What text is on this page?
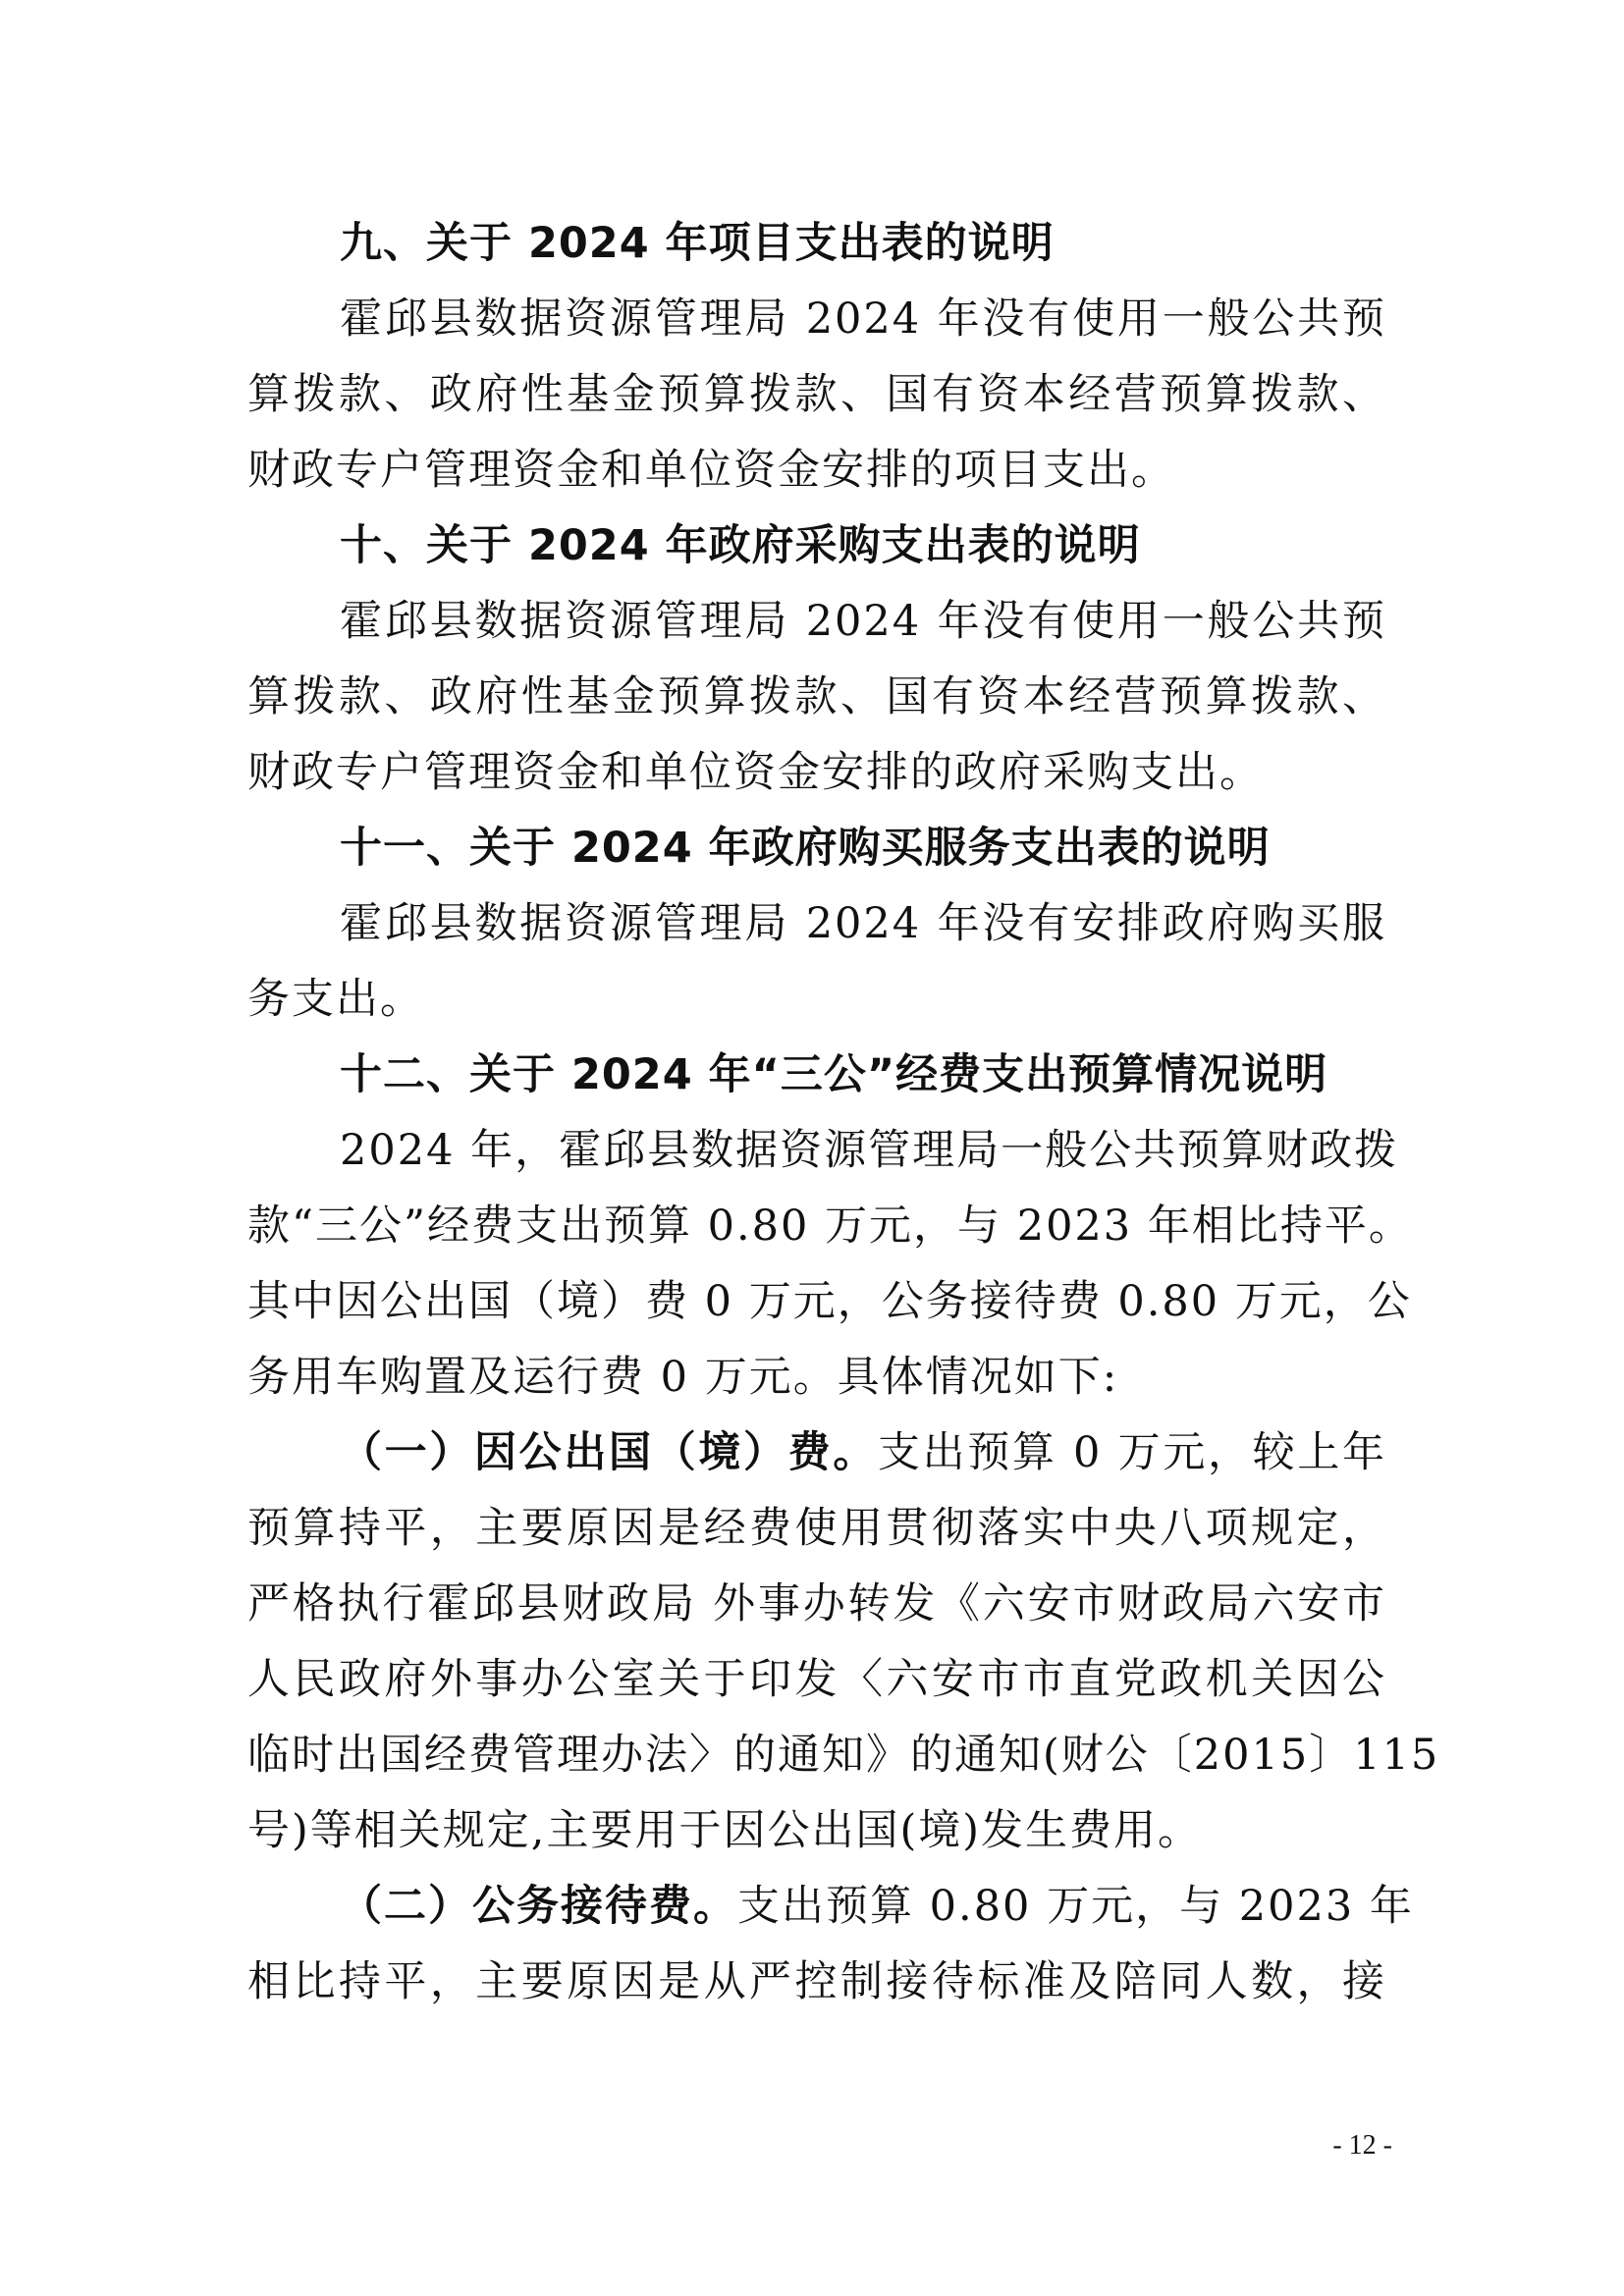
九、关于 2024 年项目支出表的说明
霍邱县数据资源管理局 2024 年没有使用一般公共预
算拨款、政府性基金预算拨款、国有资本经营预算拨款、
财政专户管理资金和单位资金安排的项目支出。
十、关于 2024 年政府采购支出表的说明
霍邱县数据资源管理局 2024 年没有使用一般公共预
算拨款、政府性基金预算拨款、国有资本经营预算拨款、
财政专户管理资金和单位资金安排的政府采购支出。
十一、关于 2024 年政府购买服务支出表的说明
霍邱县数据资源管理局 2024 年没有安排政府购买服
务支出。
十二、关于 2024 年“三公”经费支出预算情况说明
2024 年，霍邱县数据资源管理局一般公共预算财政拨
款“三公”经费支出预算 0.80 万元，与 2023 年相比持平。
其中因公出国（境）费 0 万元，公务接待费 0.80 万元，公
务用车购置及运行费 0 万元。具体情况如下:
（一）因公出国（境）费。支出预算 0 万元，较上年
预算持平，主要原因是经费使用贯彻落实中央八项规定，
严格执行霍邱县财政局 外事办转发《六安市财政局六安市
人民政府外事办公室关于印发〈六安市市直党政机关因公
临时出国经费管理办法〉的通知》的通知(财公〔2015〕115
号)等相关规定,主要用于因公出国(境)发生费用。
（二）公务接待费。支出预算 0.80 万元，与 2023 年
相比持平，主要原因是从严控制接待标准及陪同人数，接
- 12 -
